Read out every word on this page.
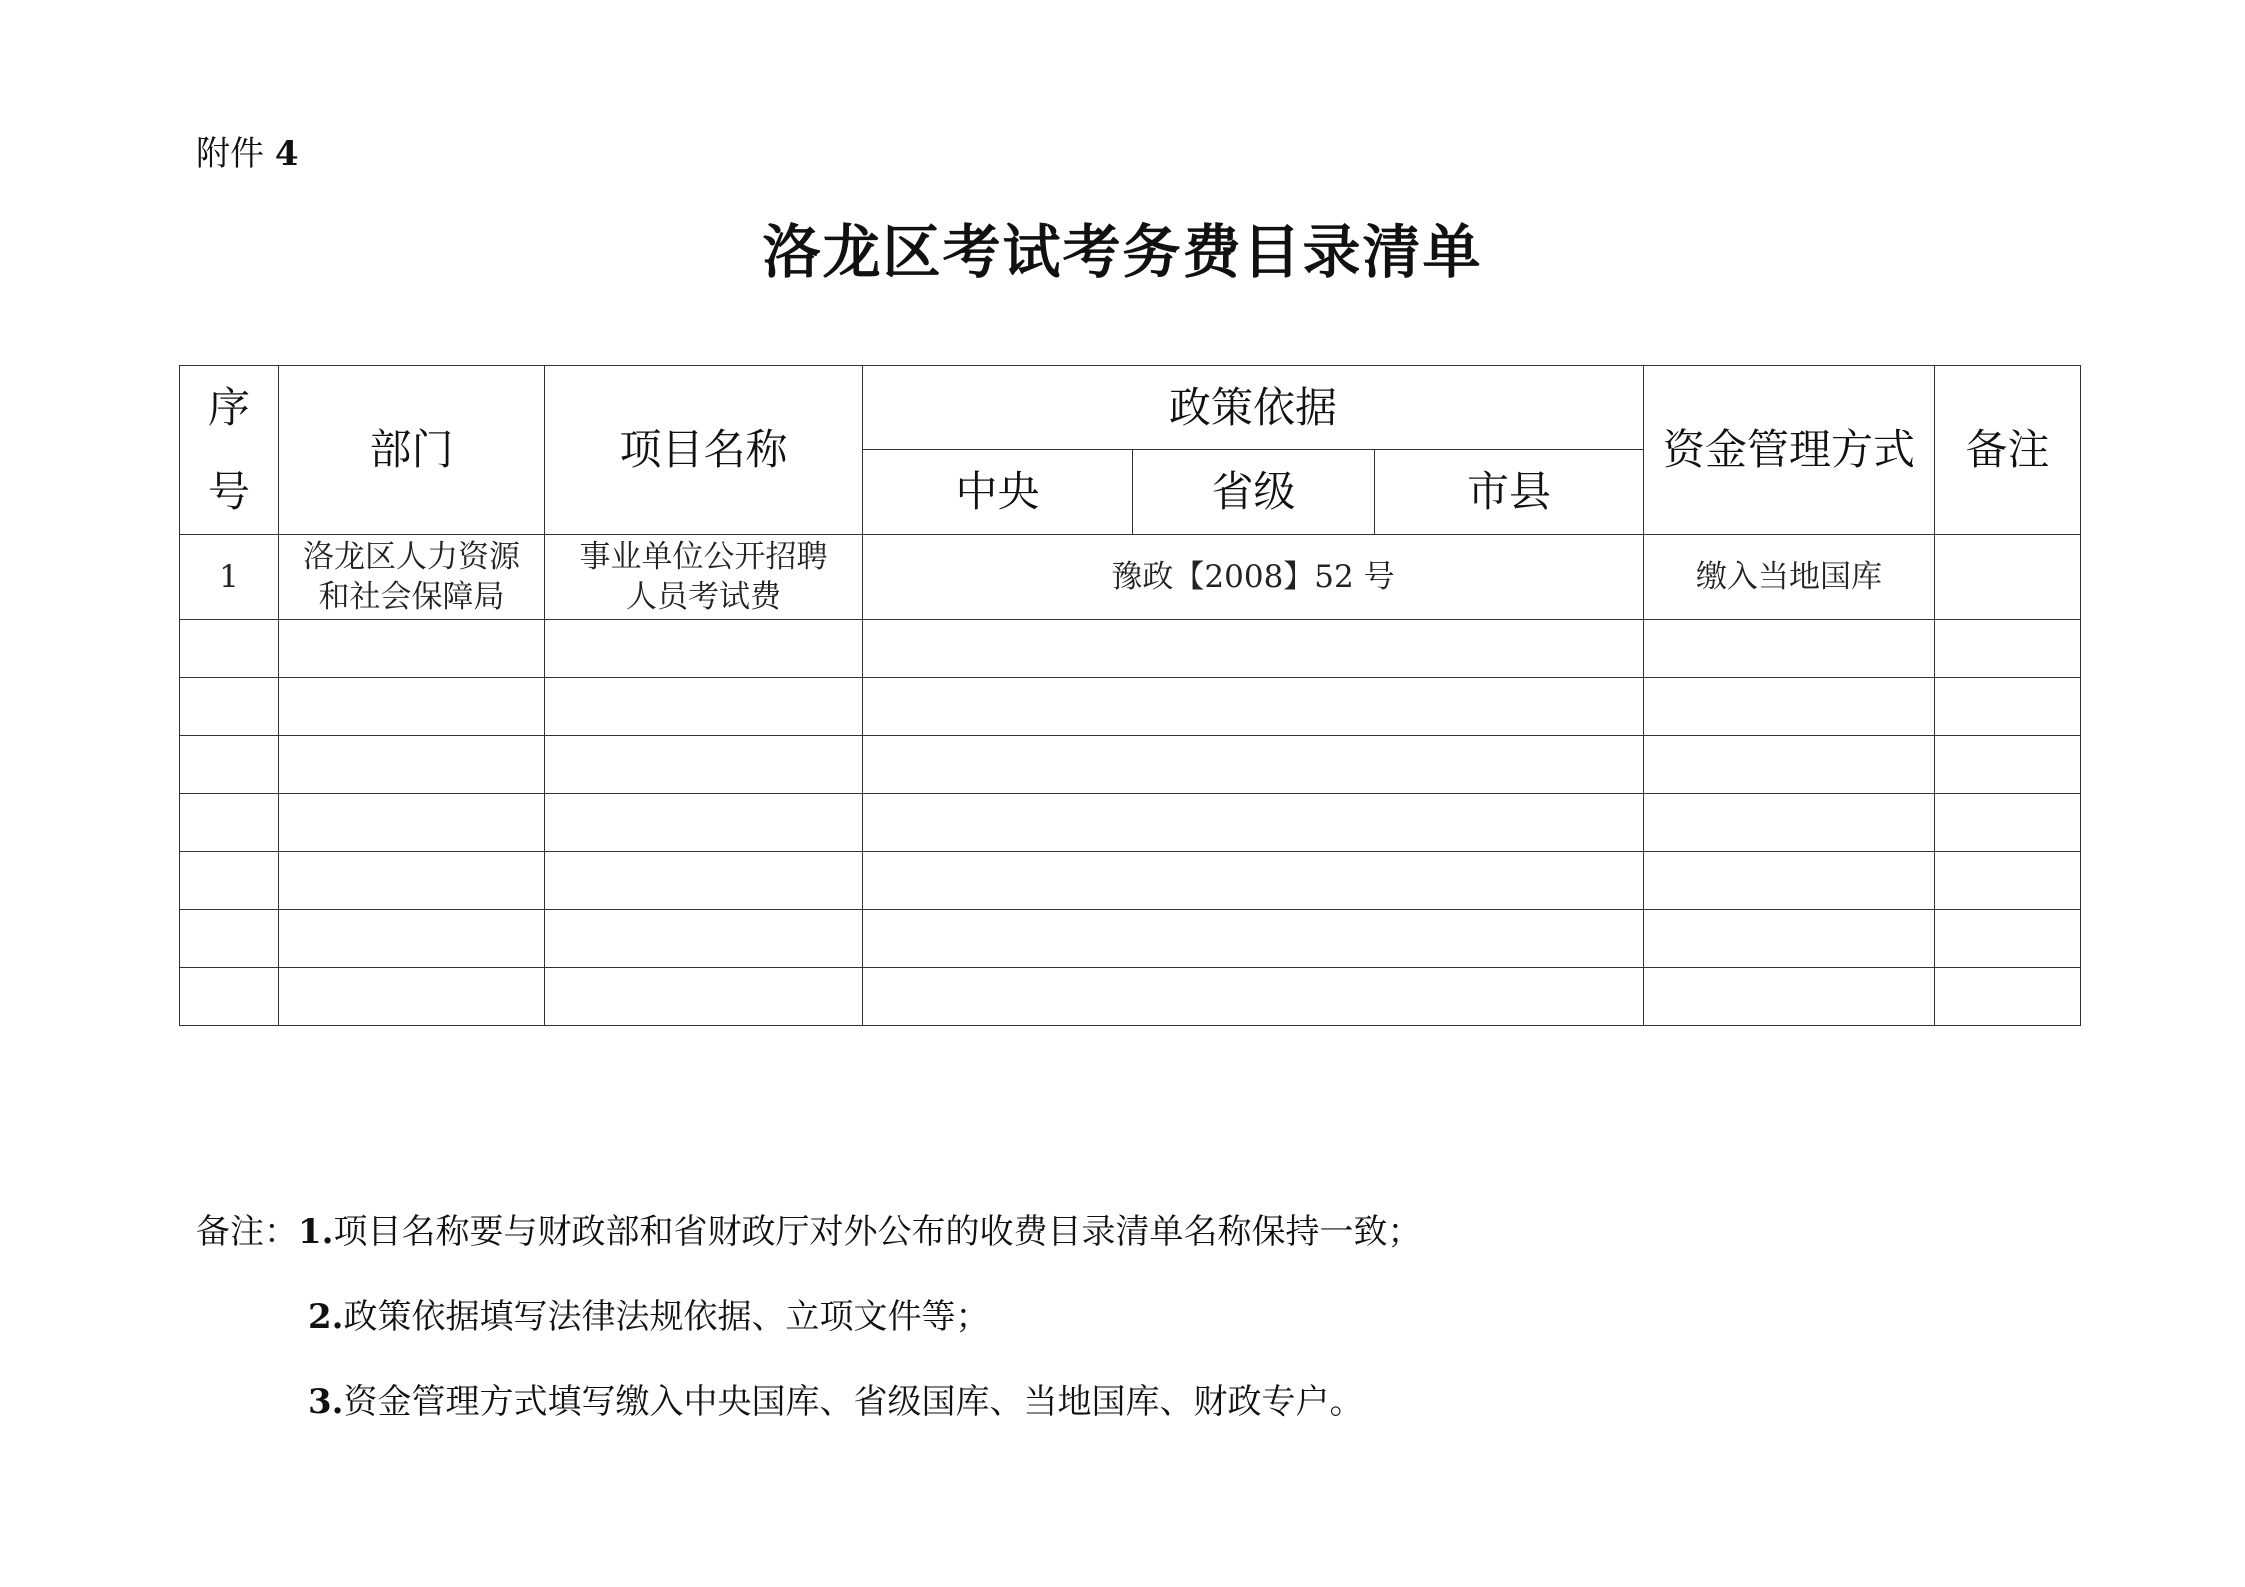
附件 4
洛龙区考试考务费目录清单
序
号	部门	项目名称	政策依据			资金管理方式	备注
			中央	省级	市县		
1	洛龙区人力资源和社会保障局	事业单位公开招聘人员考试费	豫政【2008】52 号			缴入当地国库	

备注：1.项目名称要与财政部和省财政厅对外公布的收费目录清单名称保持一致；
2.政策依据填写法律法规依据、立项文件等；
3.资金管理方式填写缴入中央国库、省级国库、当地国库、财政专户。
